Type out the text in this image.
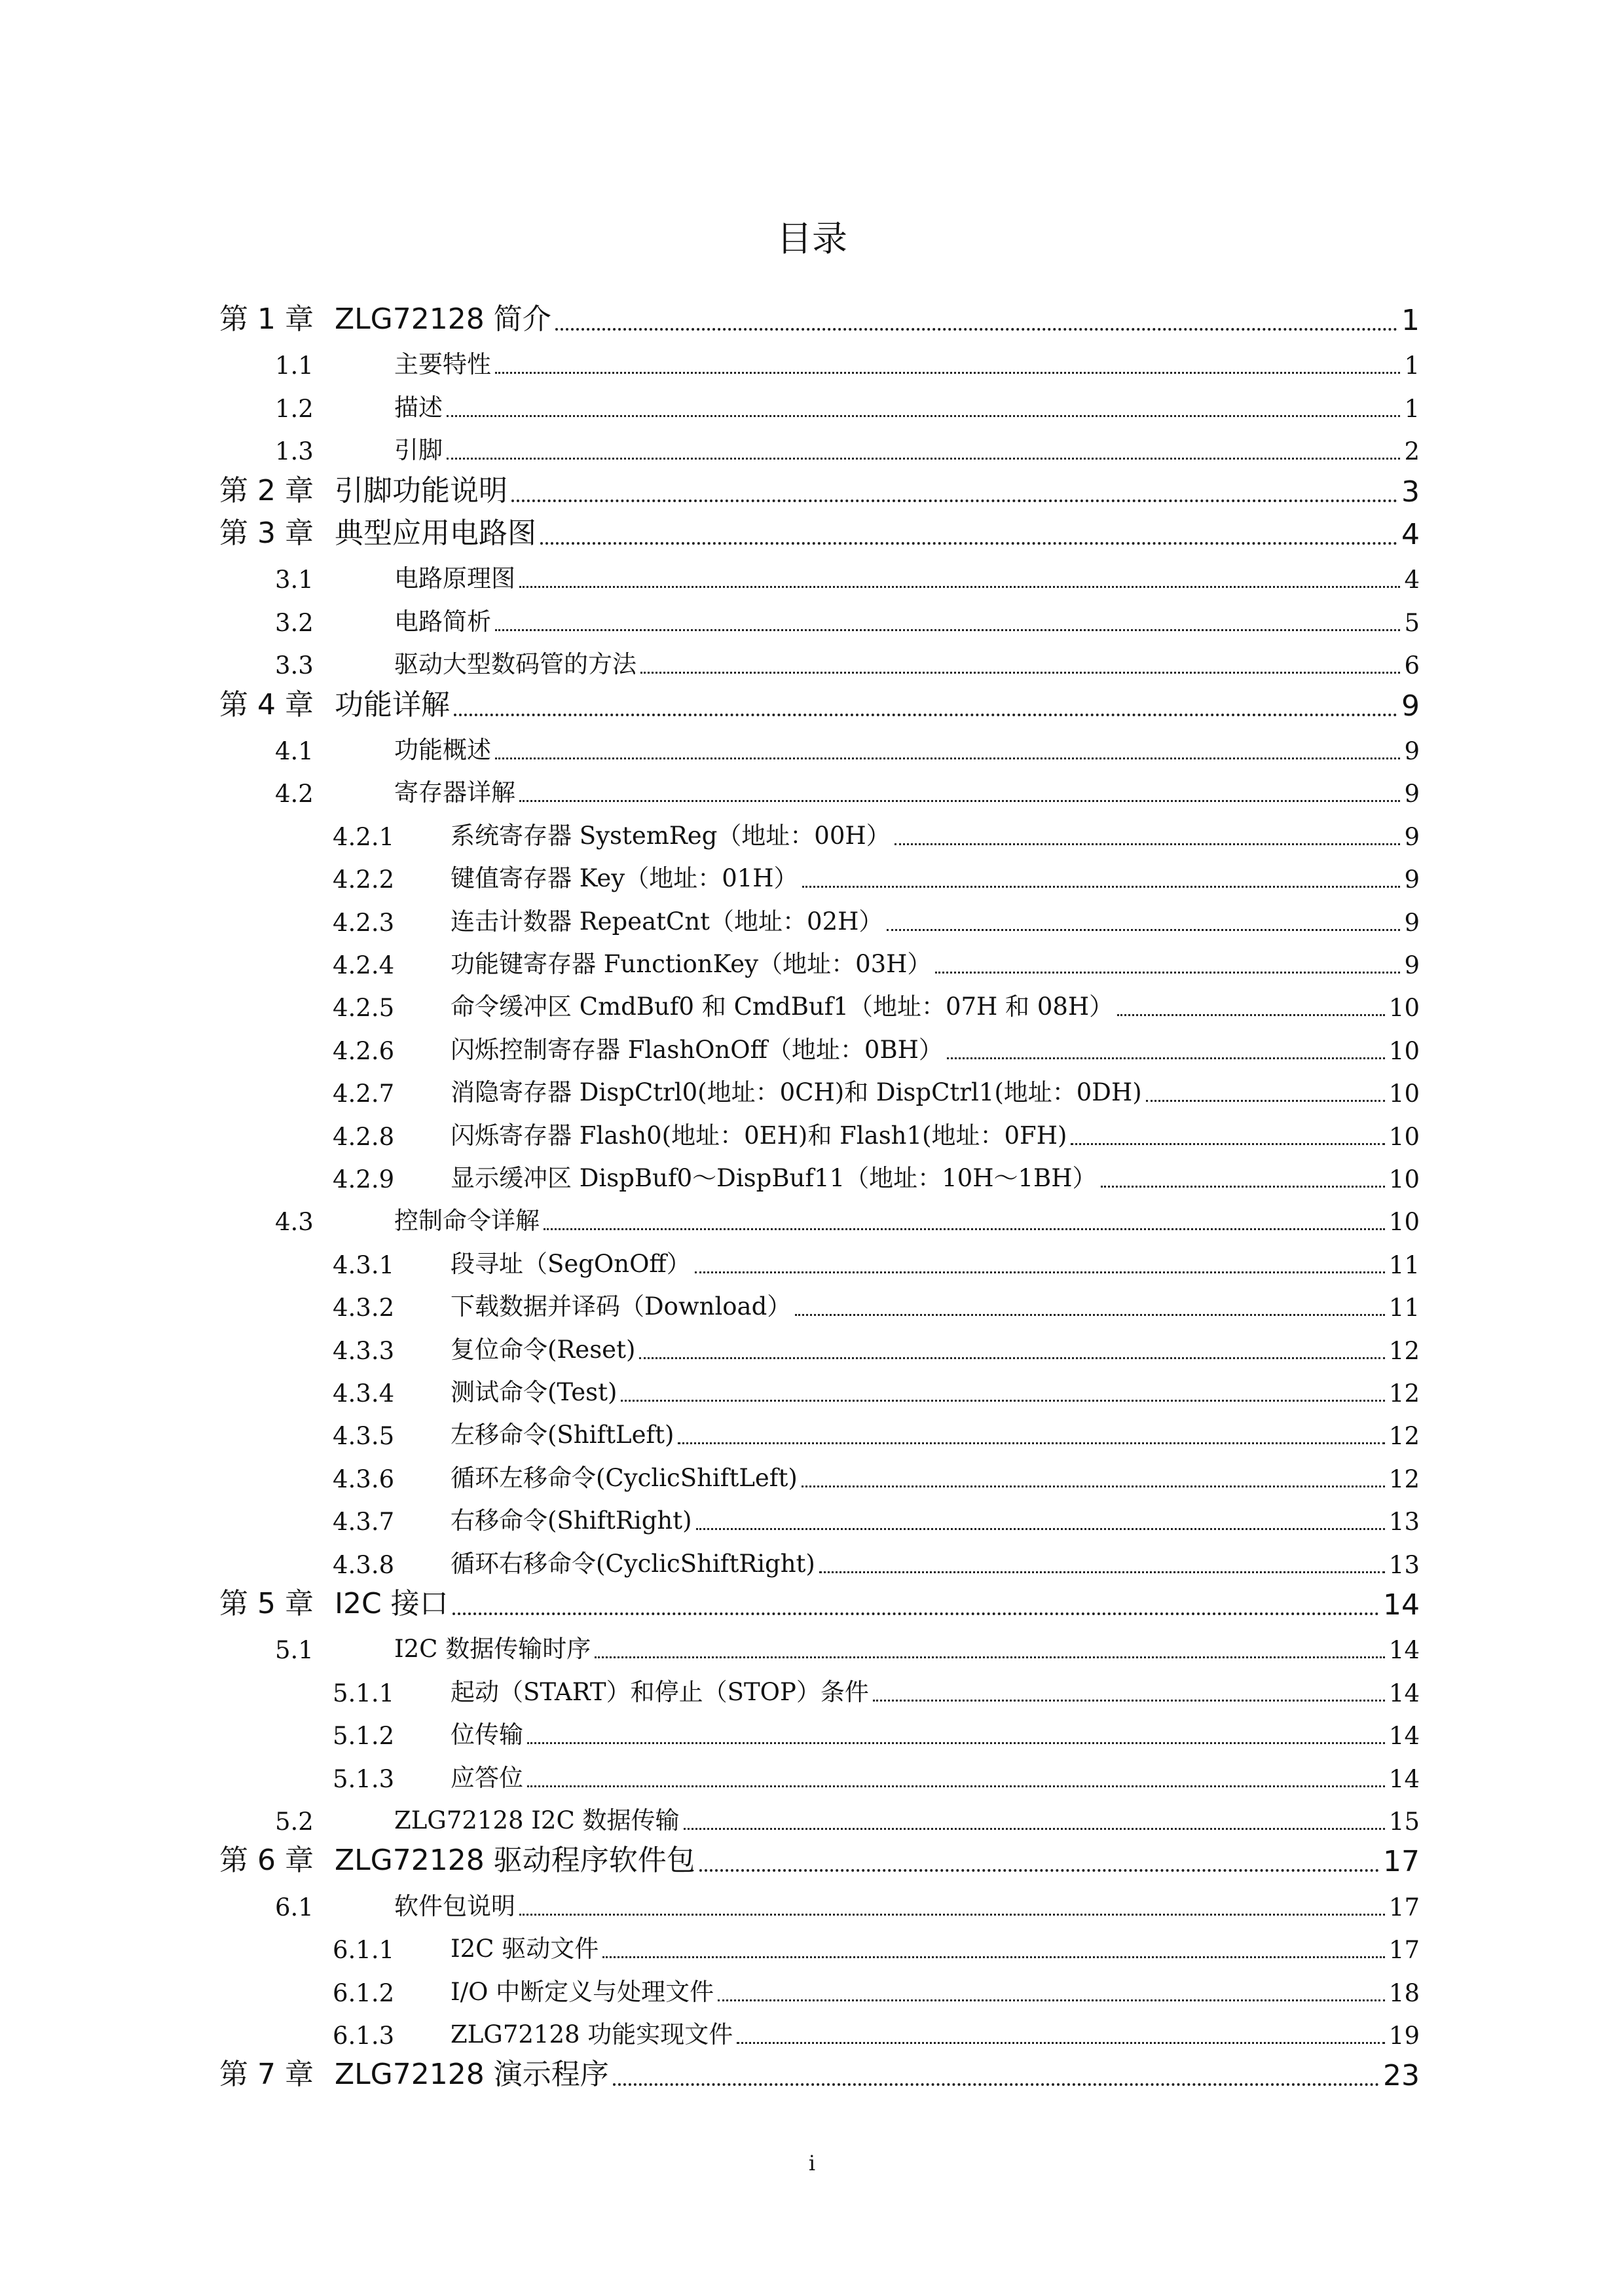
目录
第 1 章 ZLG72128 简介	1
1.1	主要特性	1
1.2	描述	1
1.3	引脚	2
第 2 章 引脚功能说明	3
第 3 章 典型应用电路图	4
3.1	电路原理图	4
3.2	电路简析	5
3.3	驱动大型数码管的方法	6
第 4 章 功能详解	9
4.1	功能概述	9
4.2	寄存器详解	9
4.2.1	系统寄存器 SystemReg（地址：00H）	9
4.2.2	键值寄存器 Key（地址：01H）	9
4.2.3	连击计数器 RepeatCnt（地址：02H）	9
4.2.4	功能键寄存器 FunctionKey（地址：03H）	9
4.2.5	命令缓冲区 CmdBuf0 和 CmdBuf1（地址：07H 和 08H）	10
4.2.6	闪烁控制寄存器 FlashOnOff（地址：0BH）	10
4.2.7	消隐寄存器 DispCtrl0(地址：0CH)和 DispCtrl1(地址：0DH)	10
4.2.8	闪烁寄存器 Flash0(地址：0EH)和 Flash1(地址：0FH)	10
4.2.9	显示缓冲区 DispBuf0～DispBuf11（地址：10H～1BH）	10
4.3	控制命令详解	10
4.3.1	段寻址（SegOnOff）	11
4.3.2	下载数据并译码（Download）	11
4.3.3	复位命令(Reset)	12
4.3.4	测试命令(Test)	12
4.3.5	左移命令(ShiftLeft)	12
4.3.6	循环左移命令(CyclicShiftLeft)	12
4.3.7	右移命令(ShiftRight)	13
4.3.8	循环右移命令(CyclicShiftRight)	13
第 5 章 I2C 接口	14
5.1	I2C 数据传输时序	14
5.1.1	起动（START）和停止（STOP）条件	14
5.1.2	位传输	14
5.1.3	应答位	14
5.2	ZLG72128 I2C 数据传输	15
第 6 章 ZLG72128 驱动程序软件包	17
6.1	软件包说明	17
6.1.1	I2C 驱动文件	17
6.1.2	I/O 中断定义与处理文件	18
6.1.3	ZLG72128 功能实现文件	19
第 7 章 ZLG72128 演示程序	23
i
